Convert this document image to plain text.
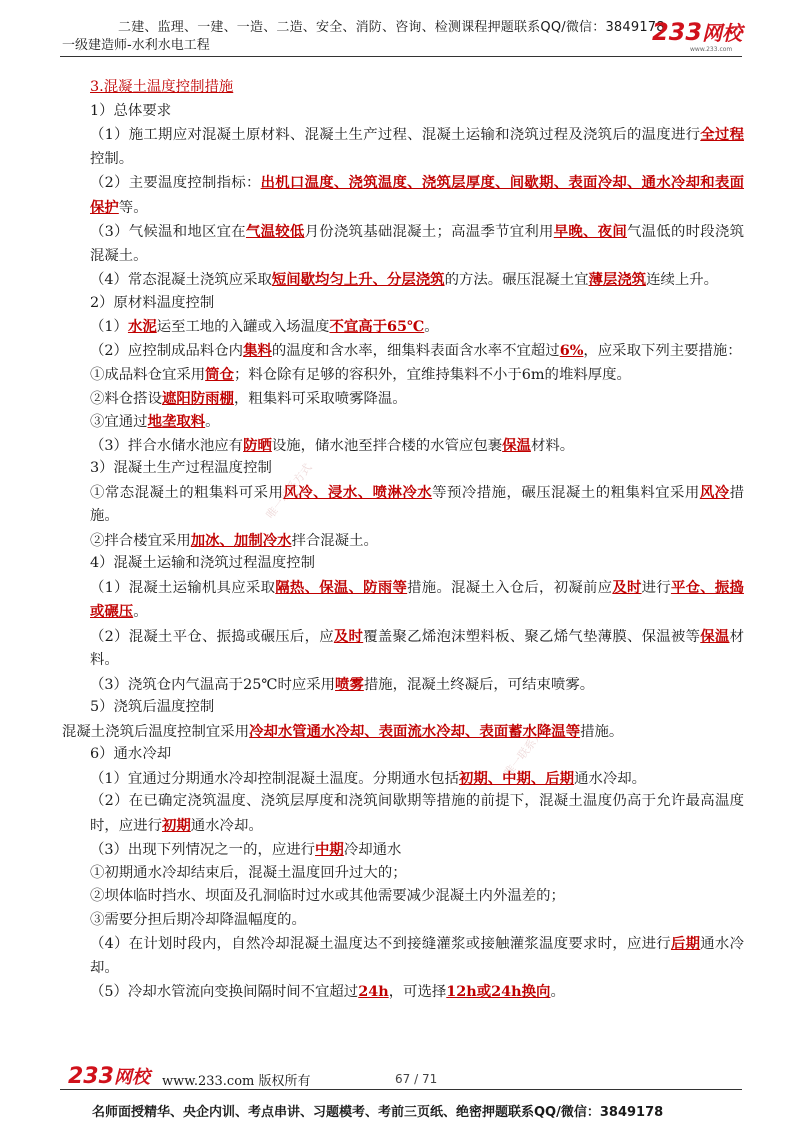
二建、监理、一建、一造、二造、安全、消防、咨询、检测课程押题联系QQ/微信：3849178
一级建造师-水利水电工程	233网校
www.233.com
唯一联系方式
唯一联系方式

3.混凝土温度控制措施

1）总体要求

（1）施工期应对混凝土原材料、混凝土生产过程、混凝土运输和浇筑过程及浇筑后的温度进行全过程控制。

（2）主要温度控制指标：出机口温度、浇筑温度、浇筑层厚度、间歇期、表面冷却、通水冷却和表面保护等。

（3）气候温和地区宜在气温较低月份浇筑基础混凝土；高温季节宜利用早晚、夜间气温低的时段浇筑混凝土。

（4）常态混凝土浇筑应采取短间歇均匀上升、分层浇筑的方法。碾压混凝土宜薄层浇筑连续上升。

2）原材料温度控制

（1）水泥运至工地的入罐或入场温度不宜高于65℃。

（2）应控制成品料仓内集料的温度和含水率，细集料表面含水率不宜超过6%，应采取下列主要措施：

①成品料仓宜采用筒仓；料仓除有足够的容积外，宜维持集料不小于6m的堆料厚度。

②料仓搭设遮阳防雨棚，粗集料可采取喷雾降温。

③宜通过地垄取料。

（3）拌合水储水池应有防晒设施，储水池至拌合楼的水管应包裹保温材料。

3）混凝土生产过程温度控制

①常态混凝土的粗集料可采用风冷、浸水、喷淋冷水等预冷措施，碾压混凝土的粗集料宜采用风冷措施。

②拌合楼宜采用加冰、加制冷水拌合混凝土。

4）混凝土运输和浇筑过程温度控制

（1）混凝土运输机具应采取隔热、保温、防雨等措施。混凝土入仓后，初凝前应及时进行平仓、振捣或碾压。

（2）混凝土平仓、振捣或碾压后，应及时覆盖聚乙烯泡沫塑料板、聚乙烯气垫薄膜、保温被等保温材料。

（3）浇筑仓内气温高于25℃时应采用喷雾措施，混凝土终凝后，可结束喷雾。

5）浇筑后温度控制

混凝土浇筑后温度控制宜采用冷却水管通水冷却、表面流水冷却、表面蓄水降温等措施。

6）通水冷却

（1）宜通过分期通水冷却控制混凝土温度。分期通水包括初期、中期、后期通水冷却。

（2）在已确定浇筑温度、浇筑层厚度和浇筑间歇期等措施的前提下，混凝土温度仍高于允许最高温度时，应进行初期通水冷却。

（3）出现下列情况之一的，应进行中期冷却通水

①初期通水冷却结束后，混凝土温度回升过大的；

②坝体临时挡水、坝面及孔洞临时过水或其他需要减少混凝土内外温差的；

③需要分担后期冷却降温幅度的。

（4）在计划时段内，自然冷却混凝土温度达不到接缝灌浆或接触灌浆温度要求时，应进行后期通水冷却。

（5）冷却水管流向变换间隔时间不宜超过24h，可选择12h或24h换向。

233网校 www.233.com 版权所有	67 / 71
名师面授精华、央企内训、考点串讲、习题模考、考前三页纸、绝密押题联系QQ/微信：3849178
